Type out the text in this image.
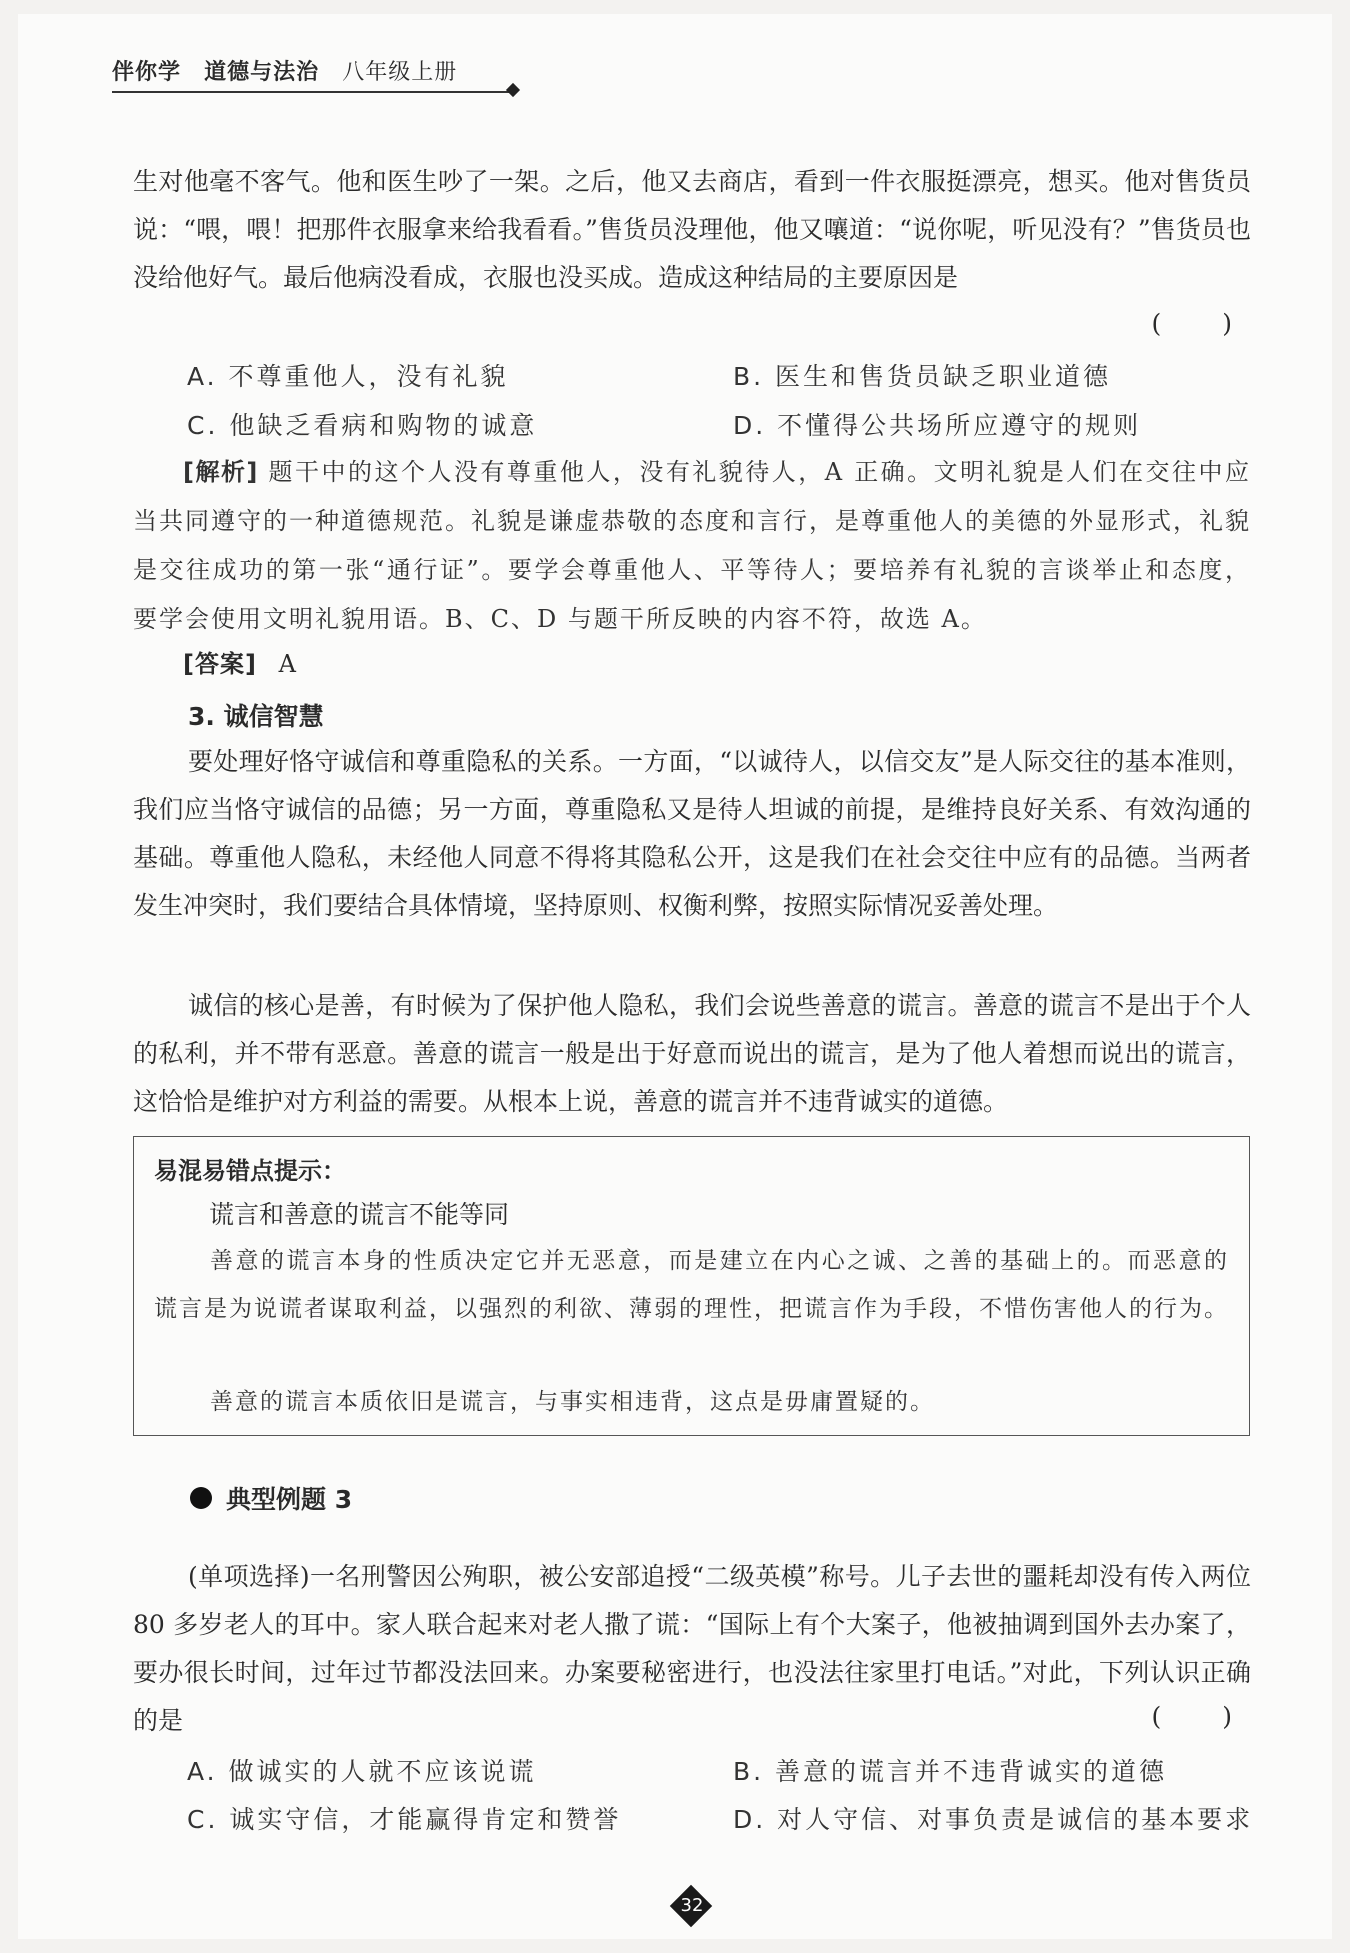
伴你学 道德与法治 八年级上册

生对他毫不客气。他和医生吵了一架。之后，他又去商店，看到一件衣服挺漂亮，想买。他对售货员说：“喂，喂！把那件衣服拿来给我看看。”售货员没理他，他又嚷道：“说你呢，听见没有？”售货员也没给他好气。最后他病没看成，衣服也没买成。造成这种结局的主要原因是

(　)
A. 不尊重他人，没有礼貌	B. 医生和售货员缺乏职业道德
C. 他缺乏看病和购物的诚意	D. 不懂得公共场所应遵守的规则

[解析] 题干中的这个人没有尊重他人，没有礼貌待人，A 正确。文明礼貌是人们在交往中应当共同遵守的一种道德规范。礼貌是谦虚恭敬的态度和言行，是尊重他人的美德的外显形式，礼貌是交往成功的第一张“通行证”。要学会尊重他人、平等待人；要培养有礼貌的言谈举止和态度，要学会使用文明礼貌用语。B、C、D 与题干所反映的内容不符，故选 A。

[答案] A
3. 诚信智慧

要处理好恪守诚信和尊重隐私的关系。一方面，“以诚待人，以信交友”是人际交往的基本准则，我们应当恪守诚信的品德；另一方面，尊重隐私又是待人坦诚的前提，是维持良好关系、有效沟通的基础。尊重他人隐私，未经他人同意不得将其隐私公开，这是我们在社会交往中应有的品德。当两者发生冲突时，我们要结合具体情境，坚持原则、权衡利弊，按照实际情况妥善处理。

诚信的核心是善，有时候为了保护他人隐私，我们会说些善意的谎言。善意的谎言不是出于个人的私利，并不带有恶意。善意的谎言一般是出于好意而说出的谎言，是为了他人着想而说出的谎言，这恰恰是维护对方利益的需要。从根本上说，善意的谎言并不违背诚实的道德。

易混易错点提示：
谎言和善意的谎言不能等同

善意的谎言本身的性质决定它并无恶意，而是建立在内心之诚、之善的基础上的。而恶意的谎言是为说谎者谋取利益，以强烈的利欲、薄弱的理性，把谎言作为手段，不惜伤害他人的行为。

善意的谎言本质依旧是谎言，与事实相违背，这点是毋庸置疑的。
典型例题 3

(单项选择)一名刑警因公殉职，被公安部追授“二级英模”称号。儿子去世的噩耗却没有传入两位 80 多岁老人的耳中。家人联合起来对老人撒了谎：“国际上有个大案子，他被抽调到国外去办案了，要办很长时间，过年过节都没法回来。办案要秘密进行，也没法往家里打电话。”对此，下列认识正确的是	(　)
A. 做诚实的人就不应该说谎	B. 善意的谎言并不违背诚实的道德
C. 诚实守信，才能赢得肯定和赞誉	D. 对人守信、对事负责是诚信的基本要求
32
